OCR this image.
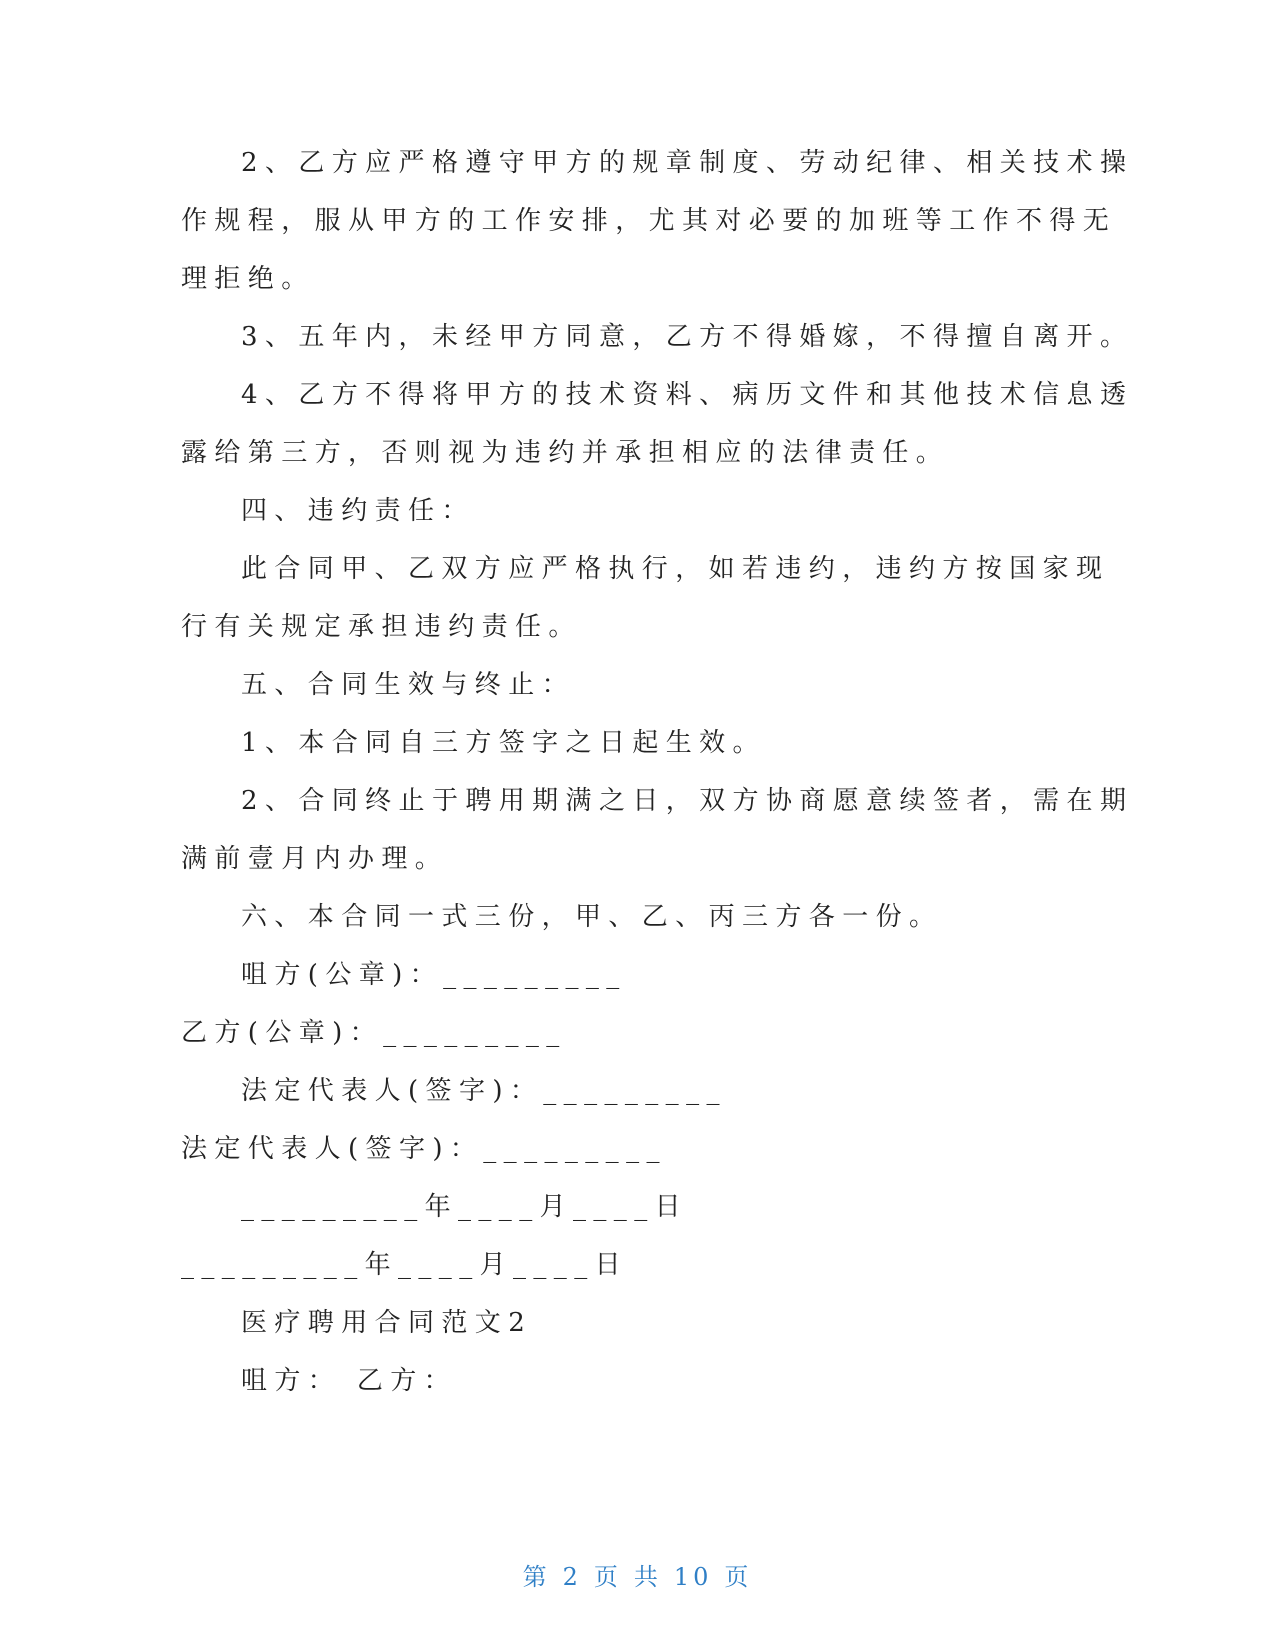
2、乙方应严格遵守甲方的规章制度、劳动纪律、相关技术操

作规程，服从甲方的工作安排，尤其对必要的加班等工作不得无

理拒绝。

3、五年内，未经甲方同意，乙方不得婚嫁，不得擅自离开。

4、乙方不得将甲方的技术资料、病历文件和其他技术信息透

露给第三方，否则视为违约并承担相应的法律责任。

四、违约责任：

此合同甲、乙双方应严格执行，如若违约，违约方按国家现

行有关规定承担违约责任。

五、合同生效与终止：

1、本合同自三方签字之日起生效。

2、合同终止于聘用期满之日，双方协商愿意续签者，需在期

满前壹月内办理。

六、本合同一式三份，甲、乙、丙三方各一份。

咀方(公章)：_________

乙方(公章)：_________

法定代表人(签字)：_________

法定代表人(签字)：_________

_________年____月____日

_________年____月____日

医疗聘用合同范文2

咀方： 乙方：

第 2 页 共 10 页
